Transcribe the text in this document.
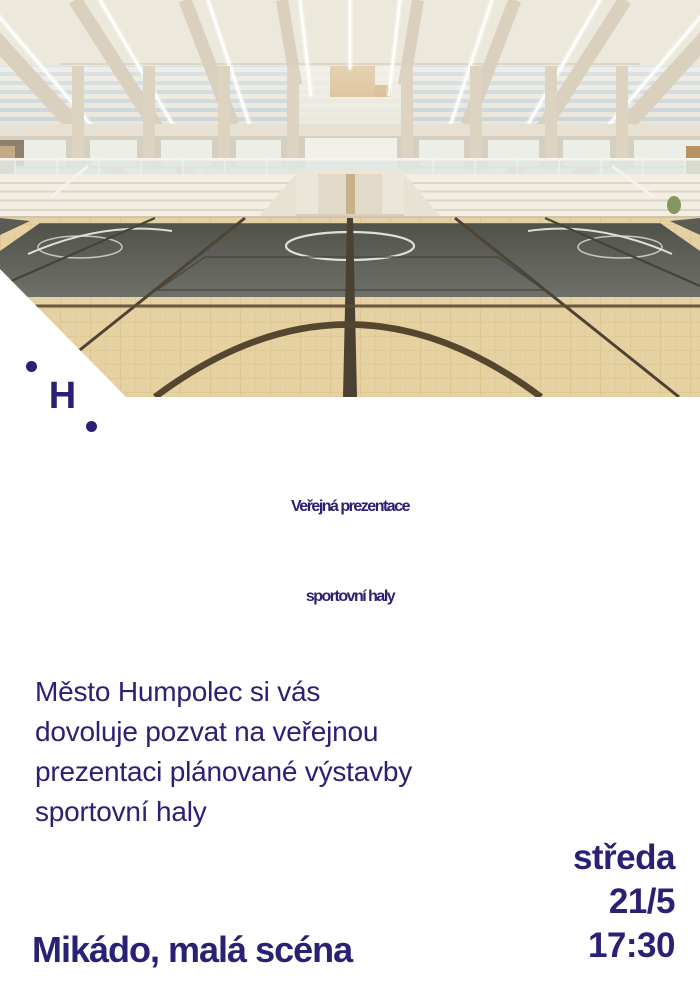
H
Veřejná prezentace
sportovní haly
Město Humpolec si vás
dovoluje pozvat na veřejnou
prezentaci plánované výstavby
sportovní haly
Mikádo, malá scéna
středa
21/5
17:30
